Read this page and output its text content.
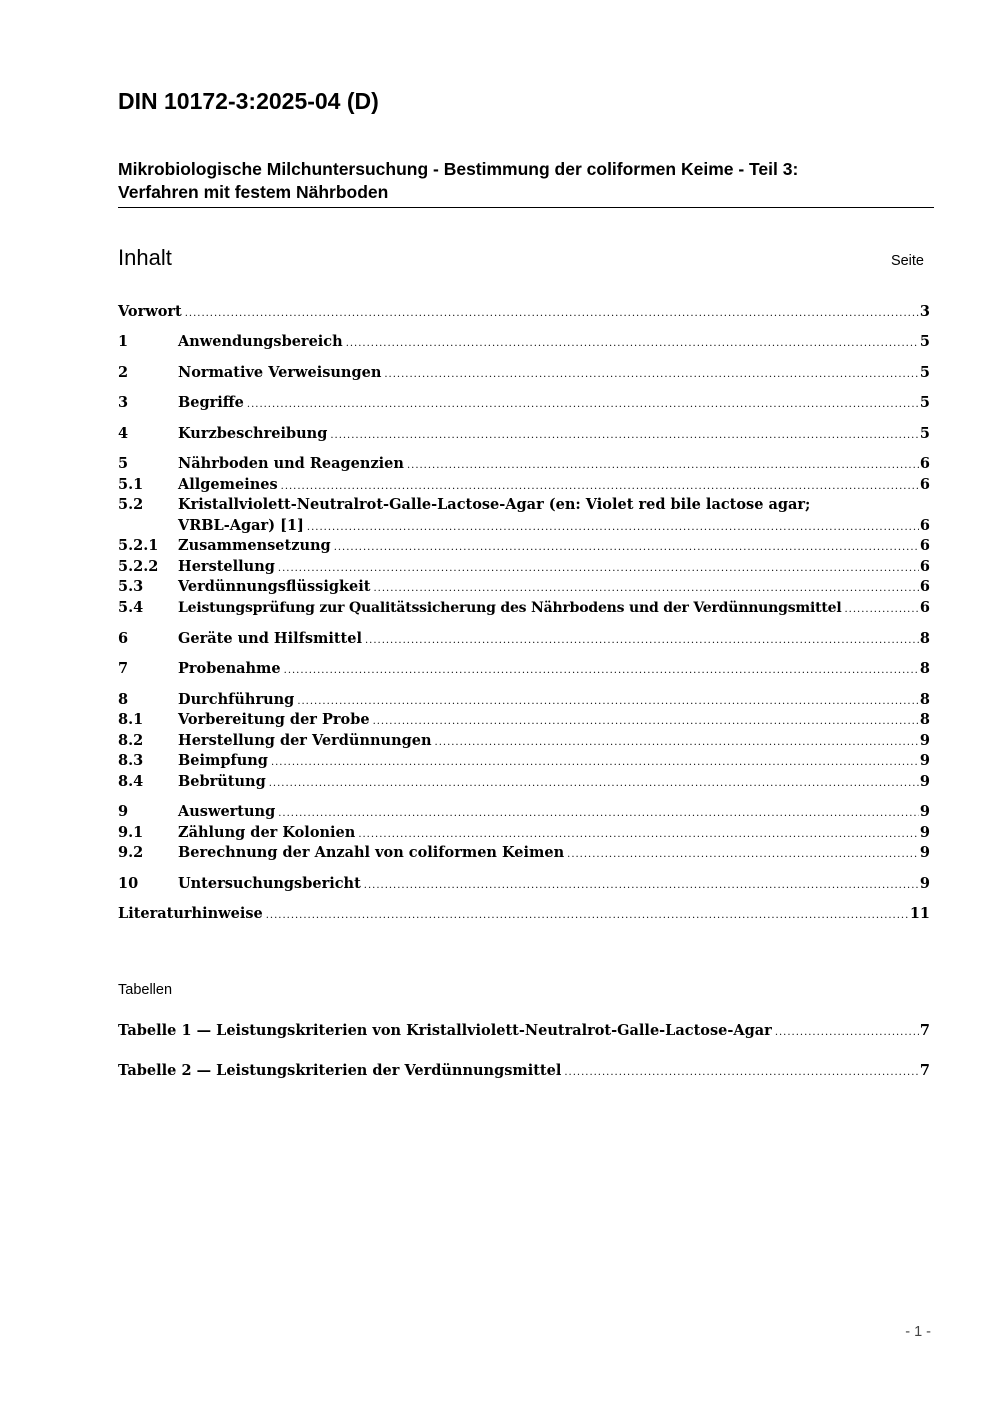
DIN 10172-3:2025-04 (D)
Mikrobiologische Milchuntersuchung - Bestimmung der coliformen Keime - Teil 3:
Verfahren mit festem Nährboden
Inhalt	Seite
Vorwort .....	3
1	Anwendungsbereich .....	5
2	Normative Verweisungen .....	5
3	Begriffe .....	5
4	Kurzbeschreibung .....	5
5	Nährboden und Reagenzien .....	6
5.1 Allgemeines .....	6
5.2 Kristallviolett-Neutralrot-Galle-Lactose-Agar (en: Violet red bile lactose agar;
VRBL-Agar) [1] .....	6
5.2.1 Zusammensetzung .....	6
5.2.2 Herstellung .....	6
5.3 Verdünnungsflüssigkeit .....	6
5.4 Leistungsprüfung zur Qualitätssicherung des Nährbodens und der Verdünnungsmittel .....	6
6	Geräte und Hilfsmittel .....	8
7	Probenahme .....	8
8	Durchführung .....	8
8.1 Vorbereitung der Probe .....	8
8.2 Herstellung der Verdünnungen .....	9
8.3 Beimpfung .....	9
8.4 Bebrütung .....	9
9	Auswertung .....	9
9.1 Zählung der Kolonien .....	9
9.2 Berechnung der Anzahl von coliformen Keimen .....	9
10	Untersuchungsbericht .....	9
Literaturhinweise .....	11
Tabellen
Tabelle 1 — Leistungskriterien von Kristallviolett-Neutralrot-Galle-Lactose-Agar .....	7
Tabelle 2 — Leistungskriterien der Verdünnungsmittel .....	7
- 1 -
